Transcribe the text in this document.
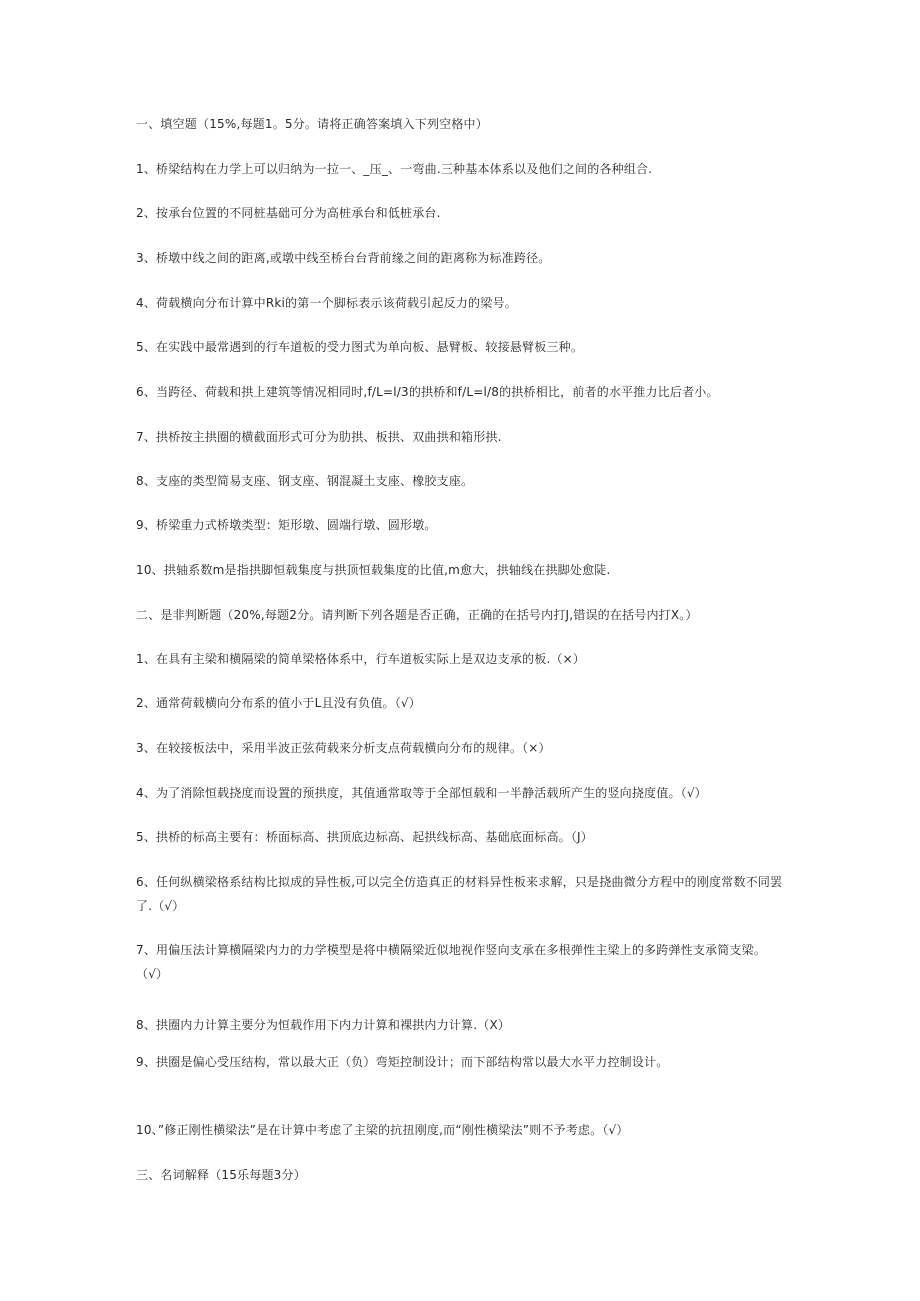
一、填空题（15%,每题1。5分。请将正确答案填入下列空格中）
1、桥梁结构在力学上可以归纳为一拉一、_压_、一弯曲.三种基本体系以及他们之间的各种组合.
2、按承台位置的不同桩基础可分为高桩承台和低桩承台.
3、桥墩中线之间的距离,或墩中线至桥台台背前缘之间的距离称为标准跨径。
4、荷载横向分布计算中Rki的第一个脚标表示该荷载引起反力的梁号。
5、在实践中最常遇到的行车道板的受力图式为单向板、悬臂板、较接悬臂板三种。
6、当跨径、荷载和拱上建筑等情况相同时,f/L=l/3的拱桥和f/L=l/8的拱桥相比，前者的水平推力比后者小。
7、拱桥按主拱圈的横截面形式可分为肋拱、板拱、双曲拱和箱形拱.
8、支座的类型简易支座、钢支座、钢混凝土支座、橡胶支座。
9、桥梁重力式桥墩类型：矩形墩、圆端行墩、圆形墩。
10、拱轴系数m是指拱脚恒载集度与拱顶恒载集度的比值,m愈大，拱轴线在拱脚处愈陡.
二、是非判断题（20%,每题2分。请判断下列各题是否正确，正确的在括号内打J,错误的在括号内打X。）
1、在具有主梁和横隔梁的简单梁格体系中，行车道板实际上是双边支承的板.（×）
2、通常荷载横向分布系的值小于L且没有负值。（√）
3、在较接板法中，采用半波正弦荷载来分析支点荷载横向分布的规律。（×）
4、为了消除恒载挠度而设置的预拱度，其值通常取等于全部恒载和一半静活载所产生的竖向挠度值。（√）
5、拱桥的标高主要有：桥面标高、拱顶底边标高、起拱线标高、基础底面标高。（J）
6、任何纵横梁格系结构比拟成的异性板,可以完全仿造真正的材料异性板来求解，只是挠曲微分方程中的刚度常数不同罢了.（√）
7、用偏压法计算横隔梁内力的力学模型是将中横隔梁近似地视作竖向支承在多根弹性主梁上的多跨弹性支承简支梁。（√）
8、拱圈内力计算主要分为恒载作用下内力计算和裸拱内力计算.（X）
9、拱圈是偏心受压结构，常以最大正（负）弯矩控制设计；而下部结构常以最大水平力控制设计。
10、”修正刚性横梁法”是在计算中考虑了主梁的抗扭刚度,而“刚性横梁法”则不予考虑。（√）
三、名词解释（15乐每题3分）
